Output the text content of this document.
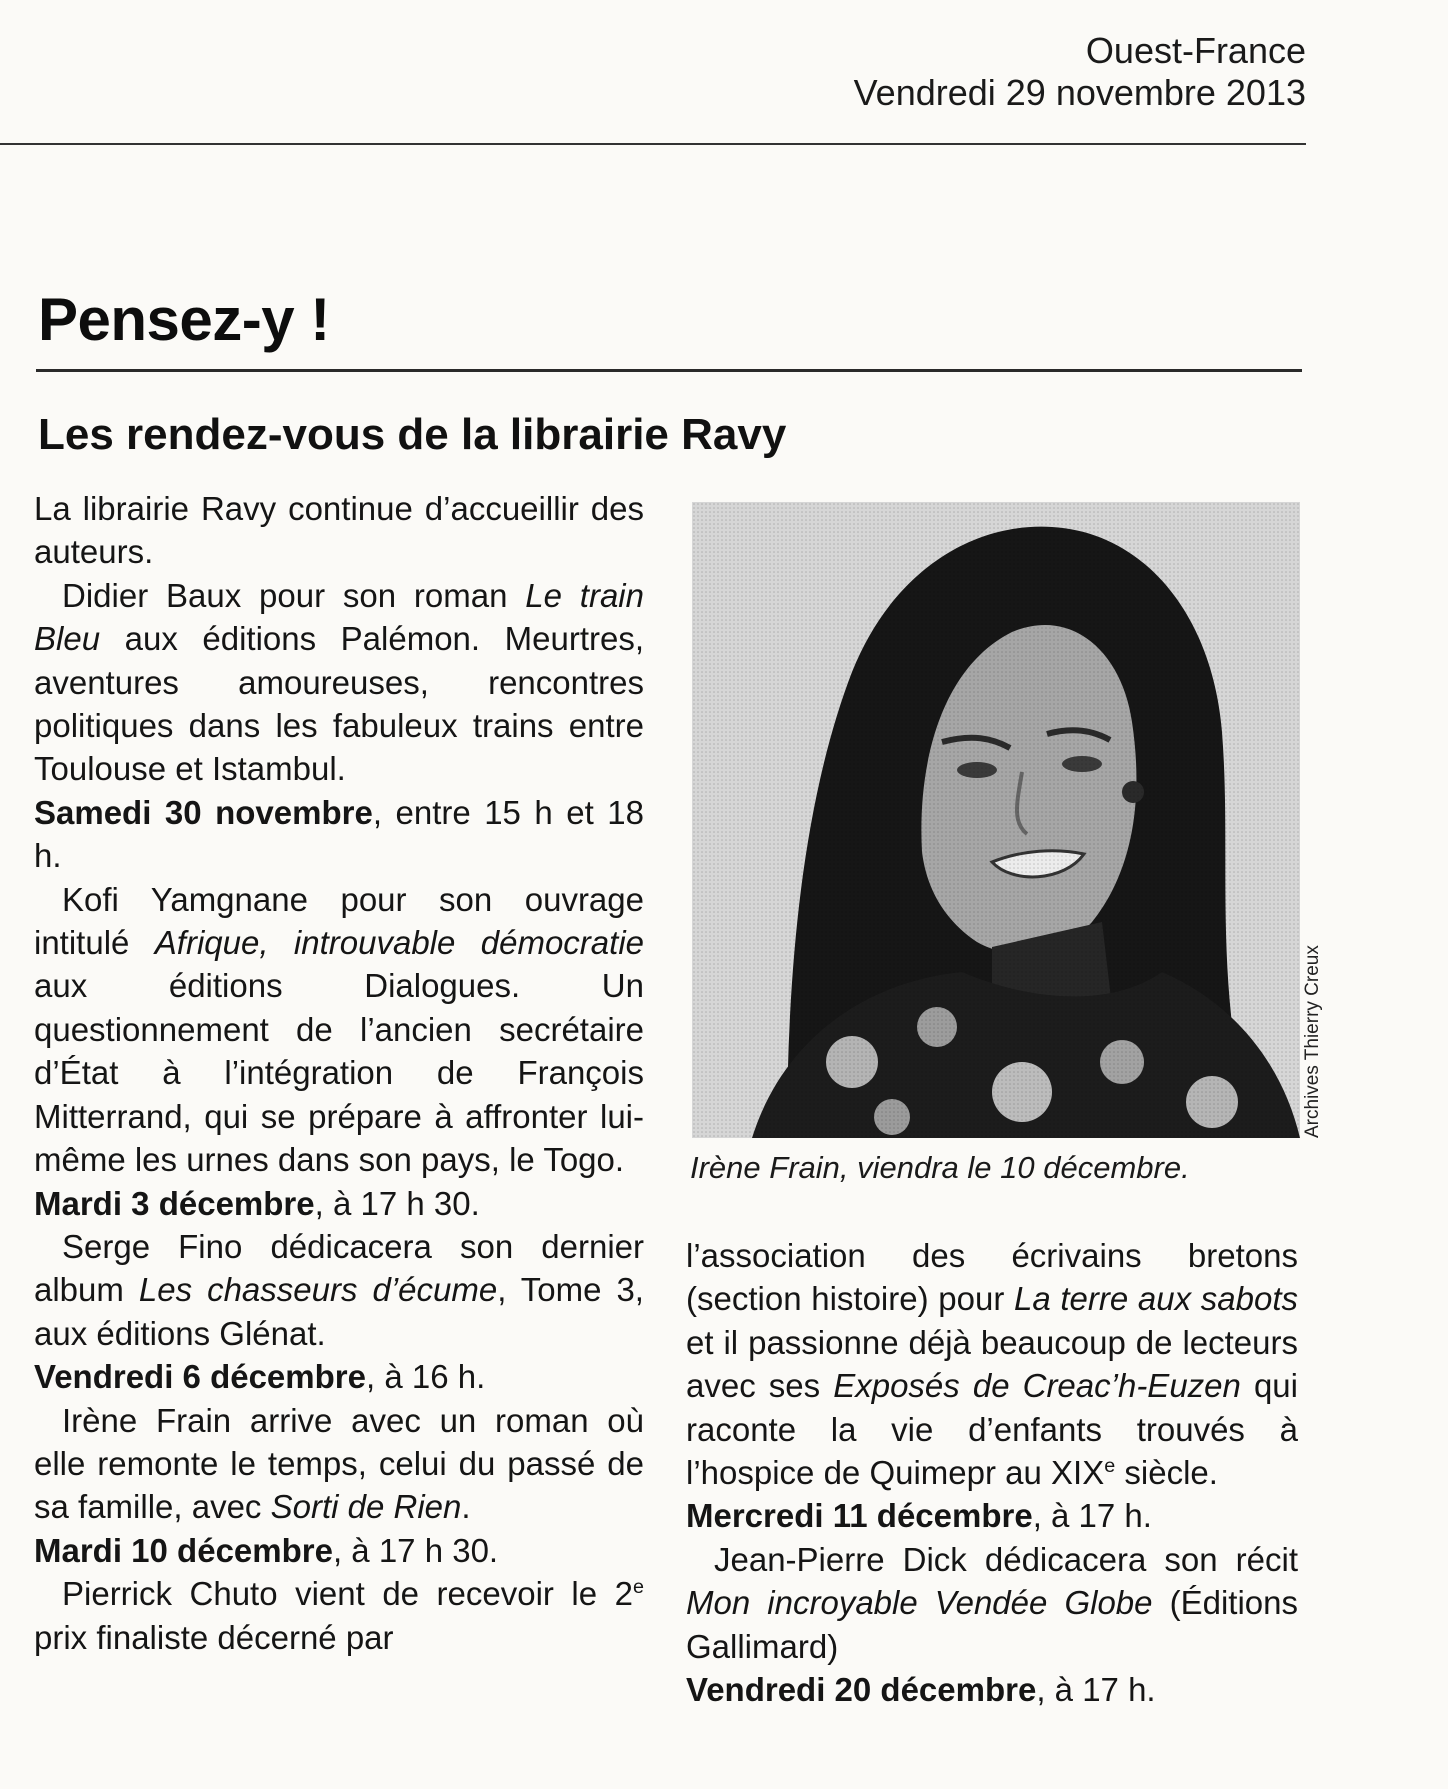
Ouest-France
Vendredi 29 novembre 2013
Pensez-y !
Les rendez-vous de la librairie Ravy

La librairie Ravy continue d’accueillir des auteurs.

Didier Baux pour son roman Le train Bleu aux éditions Palémon. Meurtres, aventures amoureuses, rencontres politiques dans les fabuleux trains entre Toulouse et Istambul.

Samedi 30 novembre, entre 15 h et 18 h.

Kofi Yamgnane pour son ouvrage intitulé Afrique, introuvable démocratie aux éditions Dialogues. Un questionnement de l’ancien secrétaire d’État à l’intégration de François Mitterrand, qui se prépare à affronter lui-même les urnes dans son pays, le Togo.

Mardi 3 décembre, à 17 h 30.

Serge Fino dédicacera son dernier album Les chasseurs d’écume, Tome 3, aux éditions Glénat.

Vendredi 6 décembre, à 16 h.

Irène Frain arrive avec un roman où elle remonte le temps, celui du passé de sa famille, avec Sorti de Rien.

Mardi 10 décembre, à 17 h 30.

Pierrick Chuto vient de recevoir le 2e prix finaliste décerné par

Archives Thierry Creux
Irène Frain, viendra le 10 décembre.

l’association des écrivains bretons (section histoire) pour La terre aux sabots et il passionne déjà beaucoup de lecteurs avec ses Exposés de Creac’h-Euzen qui raconte la vie d’enfants trouvés à l’hospice de Quimepr au XIXe siècle.

Mercredi 11 décembre, à 17 h.

Jean-Pierre Dick dédicacera son récit Mon incroyable Vendée Globe (Éditions Gallimard)

Vendredi 20 décembre, à 17 h.
